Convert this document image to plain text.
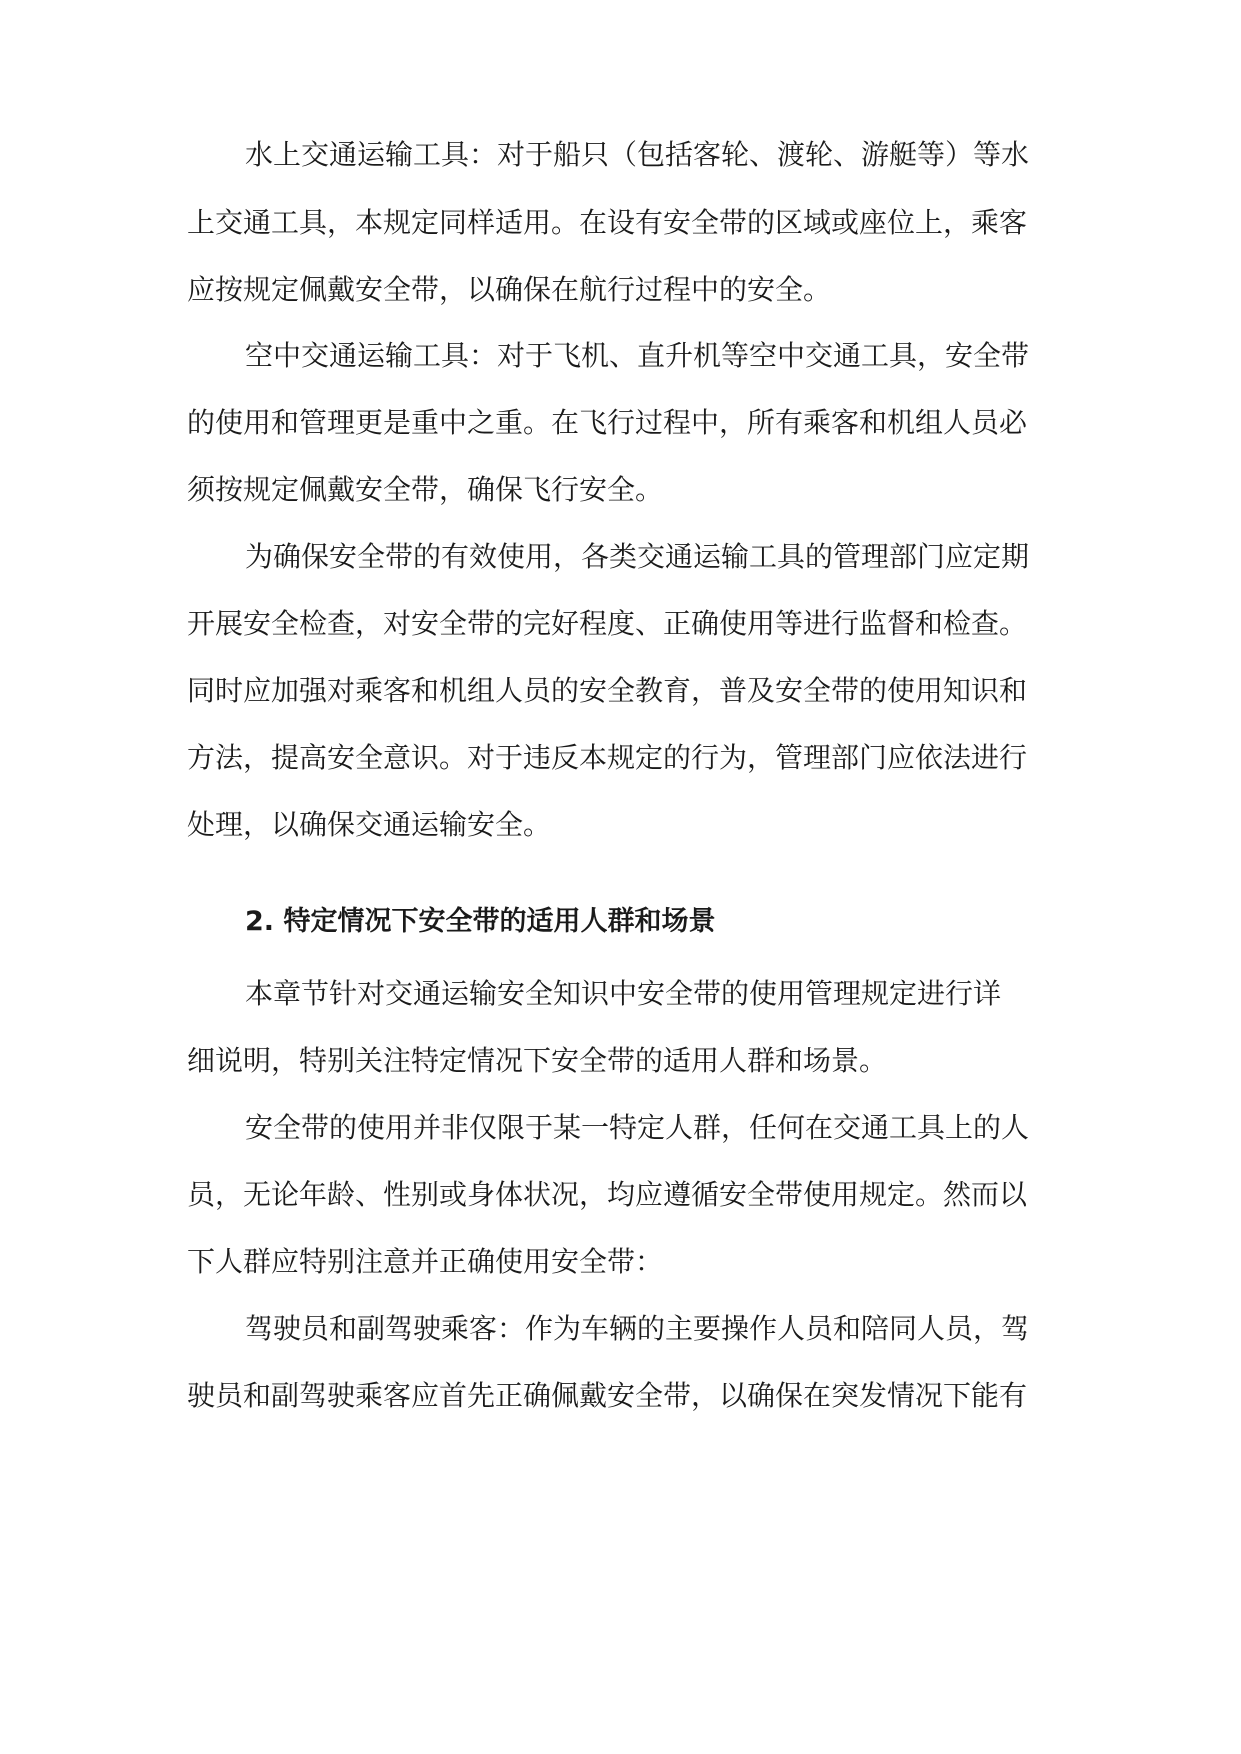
水上交通运输工具：对于船只（包括客轮、渡轮、游艇等）等水
上交通工具，本规定同样适用。在设有安全带的区域或座位上，乘客
应按规定佩戴安全带，以确保在航行过程中的安全。
空中交通运输工具：对于飞机、直升机等空中交通工具，安全带
的使用和管理更是重中之重。在飞行过程中，所有乘客和机组人员必
须按规定佩戴安全带，确保飞行安全。
为确保安全带的有效使用，各类交通运输工具的管理部门应定期
开展安全检查，对安全带的完好程度、正确使用等进行监督和检查。
同时应加强对乘客和机组人员的安全教育，普及安全带的使用知识和
方法，提高安全意识。对于违反本规定的行为，管理部门应依法进行
处理，以确保交通运输安全。
2. 特定情况下安全带的适用人群和场景
本章节针对交通运输安全知识中安全带的使用管理规定进行详
细说明，特别关注特定情况下安全带的适用人群和场景。
安全带的使用并非仅限于某一特定人群，任何在交通工具上的人
员，无论年龄、性别或身体状况，均应遵循安全带使用规定。然而以
下人群应特别注意并正确使用安全带：
驾驶员和副驾驶乘客：作为车辆的主要操作人员和陪同人员，驾
驶员和副驾驶乘客应首先正确佩戴安全带，以确保在突发情况下能有
